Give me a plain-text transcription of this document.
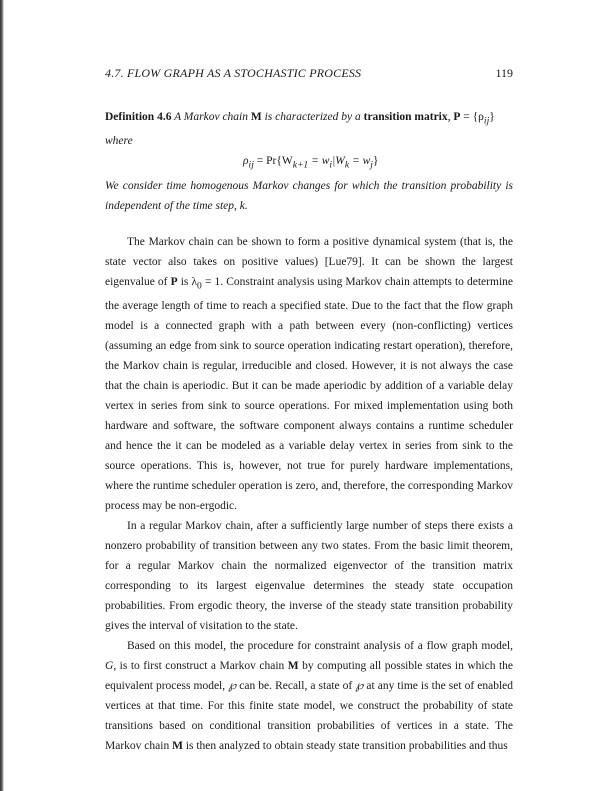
4.7. FLOW GRAPH AS A STOCHASTIC PROCESS	119

Definition 4.6 A Markov chain M is characterized by a transition matrix, $P = \{\rho_{ij}\}$
where

$\rho_{ij} = Pr\{W_{k+1} = w_i|W_k = w_j\}$

We consider time homogenous Markov changes for which the transition probability is independent of the time step, k.

The Markov chain can be shown to form a positive dynamical system (that is, the state vector also takes on positive values) [Lue79]. It can be shown the largest eigenvalue of P is $\lambda_0 = 1$. Constraint analysis using Markov chain attempts to determine the average length of time to reach a specified state. Due to the fact that the flow graph model is a connected graph with a path between every (non-conflicting) vertices (assuming an edge from sink to source operation indicating restart operation), therefore, the Markov chain is regular, irreducible and closed. However, it is not always the case that the chain is aperiodic. But it can be made aperiodic by addition of a variable delay vertex in series from sink to source operations. For mixed implementation using both hardware and software, the software component always contains a runtime scheduler and hence the it can be modeled as a variable delay vertex in series from sink to the source operations. This is, however, not true for purely hardware implementations, where the runtime scheduler operation is zero, and, therefore, the corresponding Markov process may be non-ergodic.

In a regular Markov chain, after a sufficiently large number of steps there exists a nonzero probability of transition between any two states. From the basic limit theorem, for a regular Markov chain the normalized eigenvector of the transition matrix corresponding to its largest eigenvalue determines the steady state occupation probabilities. From ergodic theory, the inverse of the steady state transition probability gives the interval of visitation to the state.

Based on this model, the procedure for constraint analysis of a flow graph model, G, is to first construct a Markov chain M by computing all possible states in which the equivalent process model, ℘ can be. Recall, a state of ℘ at any time is the set of enabled vertices at that time. For this finite state model, we construct the probability of state transitions based on conditional transition probabilities of vertices in a state. The Markov chain M is then analyzed to obtain steady state transition probabilities and thus
